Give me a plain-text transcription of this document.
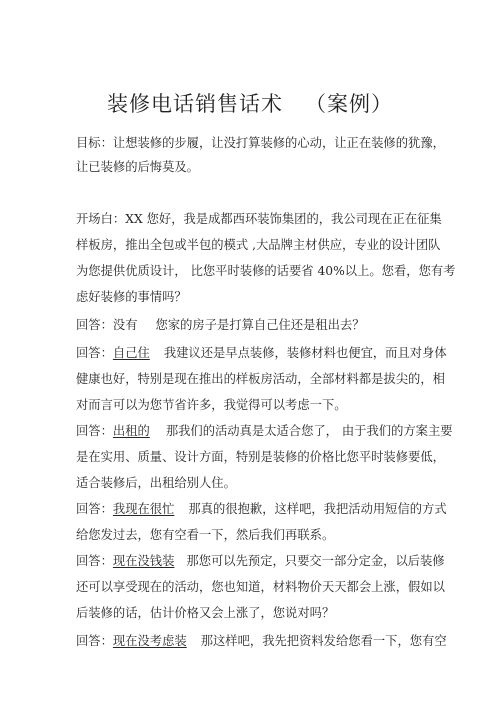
装修电话销售话术 （案例）
目标：让想装修的步履，让没打算装修的心动，让正在装修的犹豫，
让已装修的后悔莫及。
开场白：XX 您好，我是成都西环装饰集团的，我公司现在正在征集
样板房，推出全包或半包的模式 ,大品牌主材供应，专业的设计团队
为您提供优质设计， 比您平时装修的话要省 40%以上。您看，您有考
虑好装修的事情吗？
回答：没有 您家的房子是打算自己住还是租出去？
回答：自己住 我建议还是早点装修，装修材料也便宜，而且对身体
健康也好，特别是现在推出的样板房活动，全部材料都是拔尖的，相
对而言可以为您节省许多，我觉得可以考虑一下。
回答：出租的 那我们的活动真是太适合您了， 由于我们的方案主要
是在实用、质量、设计方面，特别是装修的价格比您平时装修要低，
适合装修后，出租给别人住。
回答：我现在很忙 那真的很抱歉，这样吧，我把活动用短信的方式
给您发过去，您有空看一下，然后我们再联系。
回答：现在没钱装 那您可以先预定，只要交一部分定金，以后装修
还可以享受现在的活动，您也知道，材料物价天天都会上涨，假如以
后装修的话，估计价格又会上涨了，您说对吗？
回答：现在没考虑装 那这样吧，我先把资料发给您看一下，您有空
